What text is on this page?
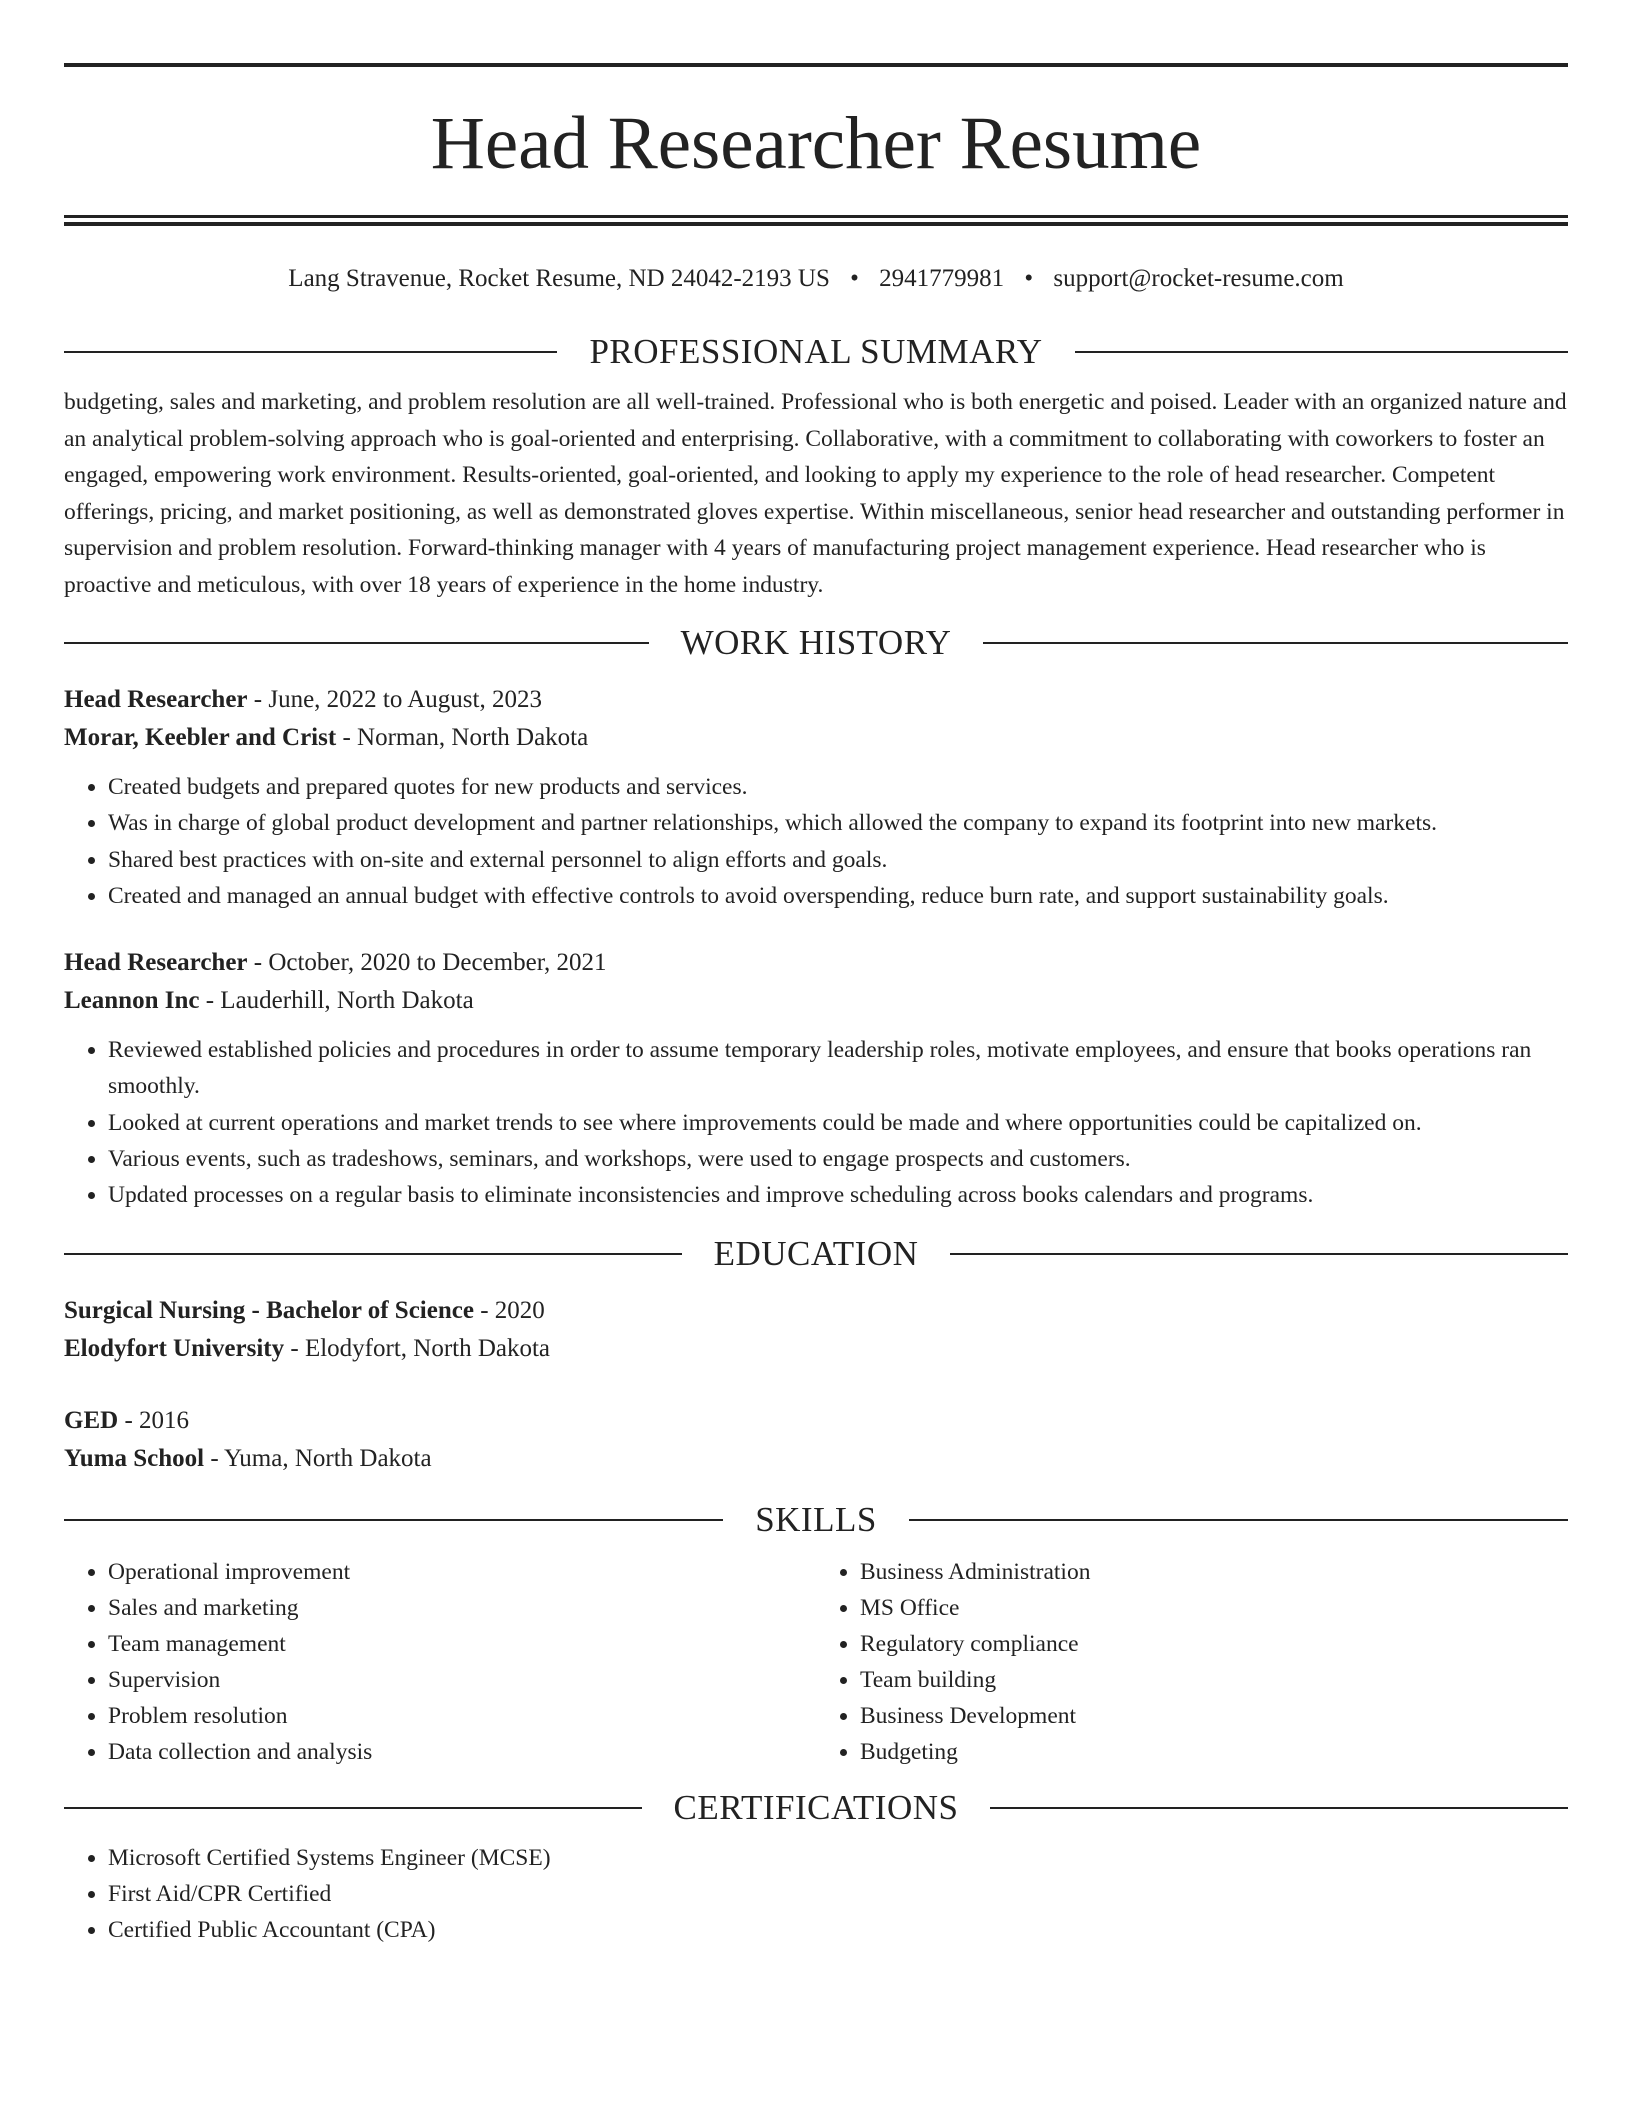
Head Researcher Resume
Lang Stravenue, Rocket Resume, ND 24042-2193 US • 2941779981 • support@rocket-resume.com
PROFESSIONAL SUMMARY
budgeting, sales and marketing, and problem resolution are all well-trained. Professional who is both energetic and poised. Leader with an organized nature and an analytical problem-solving approach who is goal-oriented and enterprising. Collaborative, with a commitment to collaborating with coworkers to foster an engaged, empowering work environment. Results-oriented, goal-oriented, and looking to apply my experience to the role of head researcher. Competent offerings, pricing, and market positioning, as well as demonstrated gloves expertise. Within miscellaneous, senior head researcher and outstanding performer in supervision and problem resolution. Forward-thinking manager with 4 years of manufacturing project management experience. Head researcher who is proactive and meticulous, with over 18 years of experience in the home industry.
WORK HISTORY
Head Researcher - June, 2022 to August, 2023
Morar, Keebler and Crist - Norman, North Dakota
• Created budgets and prepared quotes for new products and services.
• Was in charge of global product development and partner relationships, which allowed the company to expand its footprint into new markets.
• Shared best practices with on-site and external personnel to align efforts and goals.
• Created and managed an annual budget with effective controls to avoid overspending, reduce burn rate, and support sustainability goals.
Head Researcher - October, 2020 to December, 2021
Leannon Inc - Lauderhill, North Dakota
• Reviewed established policies and procedures in order to assume temporary leadership roles, motivate employees, and ensure that books operations ran smoothly.
• Looked at current operations and market trends to see where improvements could be made and where opportunities could be capitalized on.
• Various events, such as tradeshows, seminars, and workshops, were used to engage prospects and customers.
• Updated processes on a regular basis to eliminate inconsistencies and improve scheduling across books calendars and programs.
EDUCATION
Surgical Nursing - Bachelor of Science - 2020
Elodyfort University - Elodyfort, North Dakota
GED - 2016
Yuma School - Yuma, North Dakota
SKILLS
• Operational improvement
• Sales and marketing
• Team management
• Supervision
• Problem resolution
• Data collection and analysis
• Business Administration
• MS Office
• Regulatory compliance
• Team building
• Business Development
• Budgeting
CERTIFICATIONS
• Microsoft Certified Systems Engineer (MCSE)
• First Aid/CPR Certified
• Certified Public Accountant (CPA)
